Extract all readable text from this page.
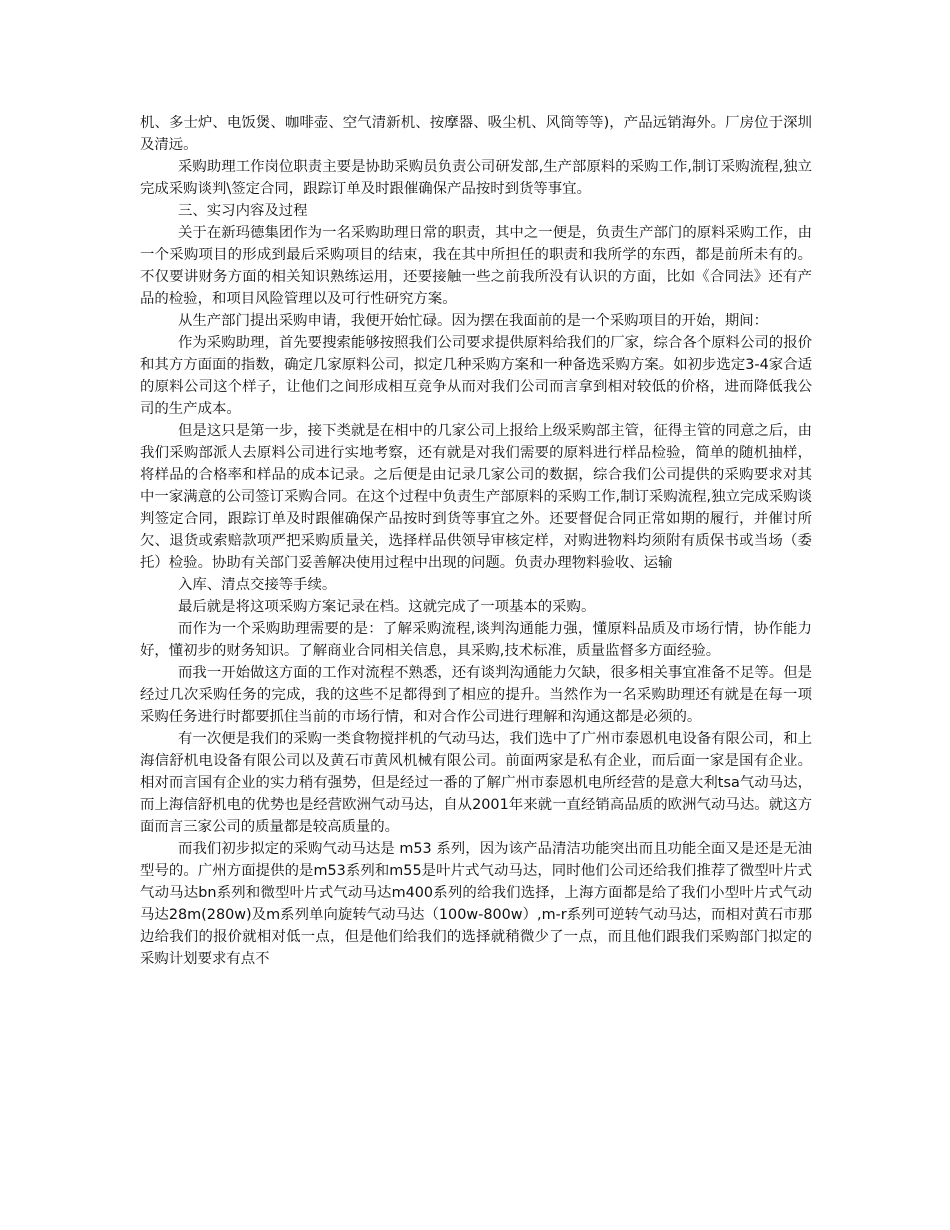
机、多士炉、电饭煲、咖啡壶、空气清新机、按摩器、吸尘机、风筒等等)，产品远销海外。厂房位于深圳及清远。

采购助理工作岗位职责主要是协助采购员负责公司研发部,生产部原料的采购工作,制订采购流程,独立完成采购谈判\签定合同，跟踪订单及时跟催确保产品按时到货等事宜。

三、实习内容及过程

关于在新玛德集团作为一名采购助理日常的职责，其中之一便是，负责生产部门的原料采购工作，由一个采购项目的形成到最后采购项目的结束，我在其中所担任的职责和我所学的东西，都是前所未有的。不仅要讲财务方面的相关知识熟练运用，还要接触一些之前我所没有认识的方面，比如《合同法》还有产品的检验，和项目风险管理以及可行性研究方案。

从生产部门提出采购申请，我便开始忙碌。因为摆在我面前的是一个采购项目的开始，期间：

作为采购助理，首先要搜索能够按照我们公司要求提供原料给我们的厂家，综合各个原料公司的报价和其方方面面的指数，确定几家原料公司，拟定几种采购方案和一种备选采购方案。如初步选定3-4家合适的原料公司这个样子，让他们之间形成相互竞争从而对我们公司而言拿到相对较低的价格，进而降低我公司的生产成本。

但是这只是第一步，接下类就是在相中的几家公司上报给上级采购部主管，征得主管的同意之后，由我们采购部派人去原料公司进行实地考察，还有就是对我们需要的原料进行样品检验，简单的随机抽样，将样品的合格率和样品的成本记录。之后便是由记录几家公司的数据，综合我们公司提供的采购要求对其中一家满意的公司签订采购合同。在这个过程中负责生产部原料的采购工作,制订采购流程,独立完成采购谈判签定合同，跟踪订单及时跟催确保产品按时到货等事宜之外。还要督促合同正常如期的履行，并催讨所欠、退货或索赔款项严把采购质量关，选择样品供领导审核定样，对购进物料均须附有质保书或当场（委托）检验。协助有关部门妥善解决使用过程中出现的问题。负责办理物料验收、运输

入库、清点交接等手续。

最后就是将这项采购方案记录在档。这就完成了一项基本的采购。

而作为一个采购助理需要的是：了解采购流程,谈判沟通能力强，懂原料品质及市场行情，协作能力好，懂初步的财务知识。了解商业合同相关信息，具采购,技术标准，质量监督多方面经验。

而我一开始做这方面的工作对流程不熟悉，还有谈判沟通能力欠缺，很多相关事宜准备不足等。但是经过几次采购任务的完成，我的这些不足都得到了相应的提升。当然作为一名采购助理还有就是在每一项采购任务进行时都要抓住当前的市场行情，和对合作公司进行理解和沟通这都是必须的。

有一次便是我们的采购一类食物搅拌机的气动马达，我们选中了广州市泰恩机电设备有限公司，和上海信舒机电设备有限公司以及黄石市黄风机械有限公司。前面两家是私有企业，而后面一家是国有企业。相对而言国有企业的实力稍有强势，但是经过一番的了解广州市泰恩机电所经营的是意大利tsa气动马达，而上海信舒机电的优势也是经营欧洲气动马达，自从2001年来就一直经销高品质的欧洲气动马达。就这方面而言三家公司的质量都是较高质量的。

而我们初步拟定的采购气动马达是 m53 系列，因为该产品清洁功能突出而且功能全面又是还是无油型号的。广州方面提供的是m53系列和m55是叶片式气动马达，同时他们公司还给我们推荐了微型叶片式气动马达bn系列和微型叶片式气动马达m400系列的给我们选择，上海方面都是给了我们小型叶片式气动马达28m(280w)及m系列单向旋转气动马达（100w-800w）,m-r系列可逆转气动马达，而相对黄石市那边给我们的报价就相对低一点，但是他们给我们的选择就稍微少了一点，而且他们跟我们采购部门拟定的采购计划要求有点不
